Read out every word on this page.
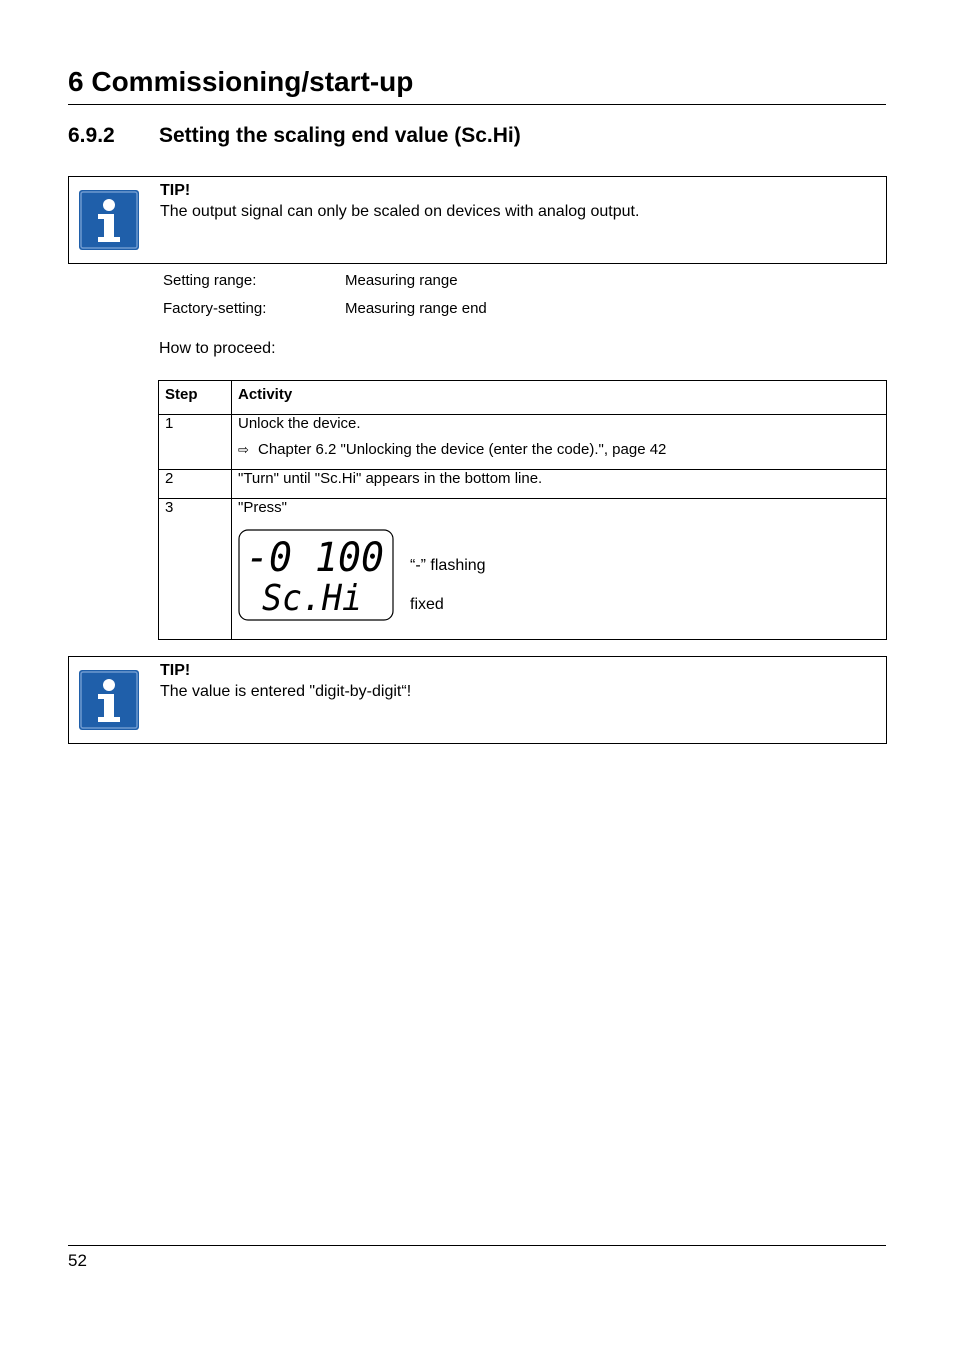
6 Commissioning/start-up
6.9.2 Setting the scaling end value (Sc.Hi)
TIP!
The output signal can only be scaled on devices with analog output.
Setting range:	Measuring range
Factory-setting:	Measuring range end
How to proceed:
Step	Activity
1	Unlock the device.
⇨ Chapter 6.2 "Unlocking the device (enter the code).", page 42

2	"Turn" until "Sc.Hi" appears in the bottom line.

3	"Press"
-0 100
Sc.Hi
“-” flashing
fixed
TIP!
The value is entered "digit-by-digit“!
52
